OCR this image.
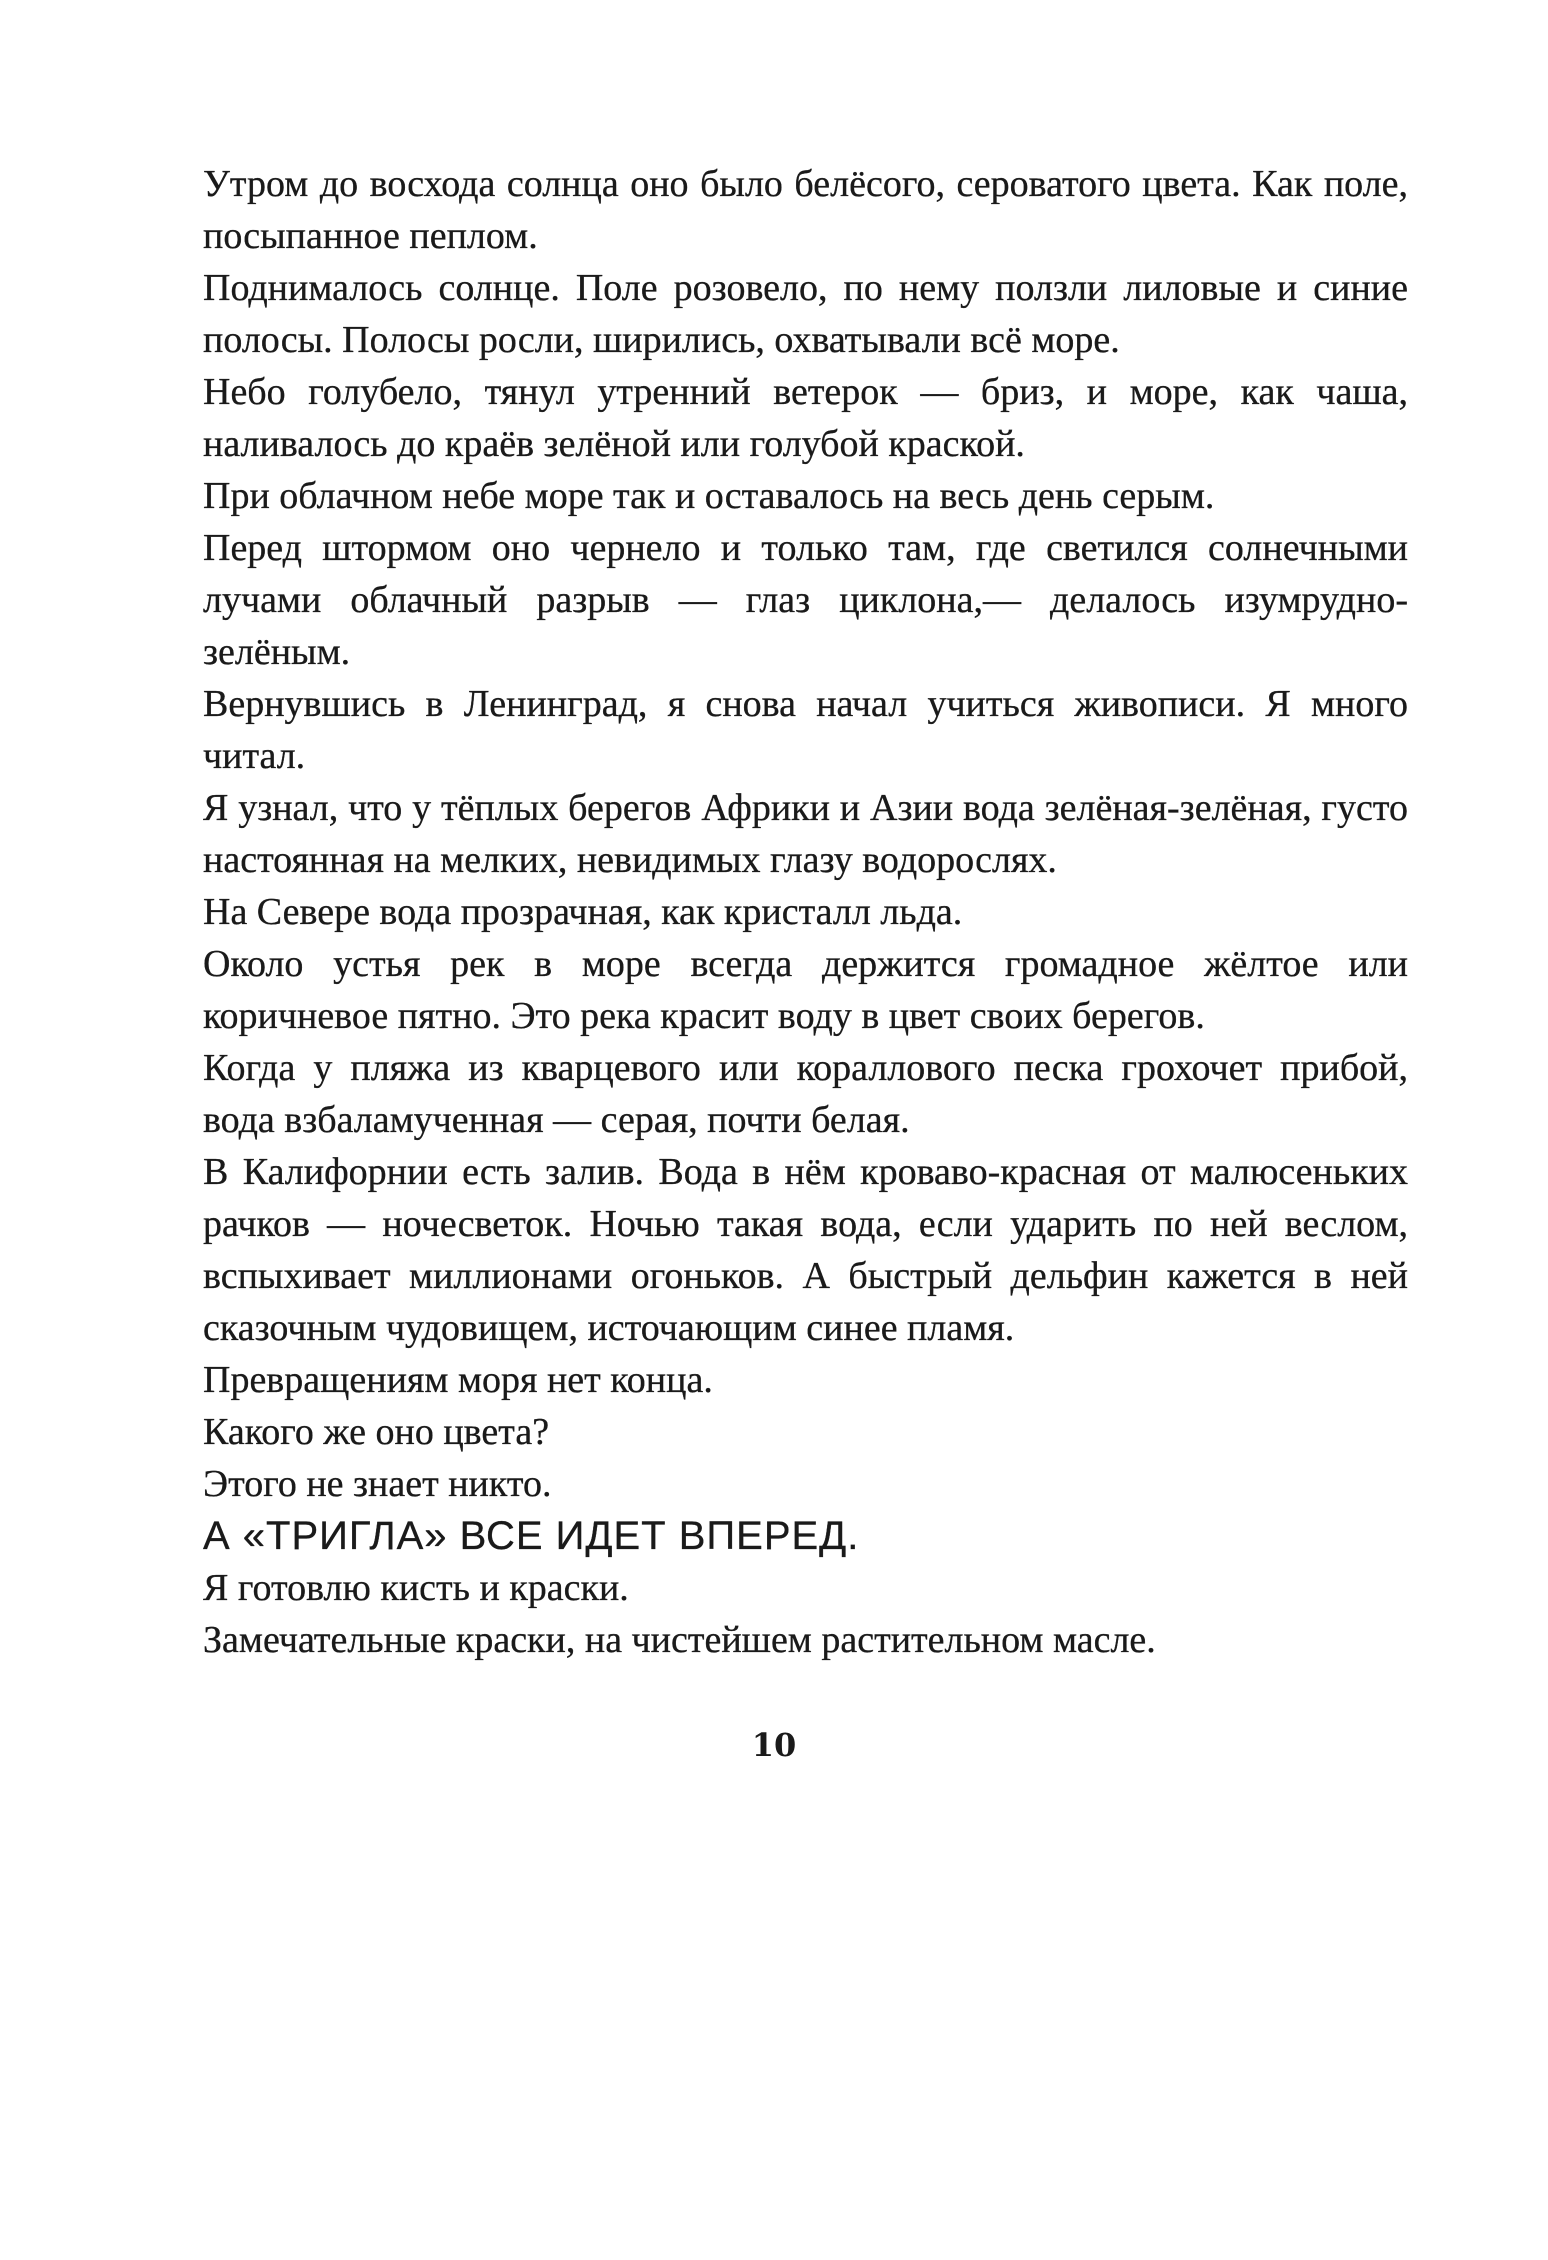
Утром до восхода солнца оно было белёсого, сероватого цвета. Как поле, посыпанное пеплом.

Поднималось солнце. Поле розовело, по нему ползли лиловые и синие полосы. Полосы росли, ширились, охватывали всё море.

Небо голубело, тянул утренний ветерок — бриз, и море, как чаша, наливалось до краёв зелёной или голубой краской.

При облачном небе море так и оставалось на весь день серым.

Перед штормом оно чернело и только там, где светился солнечными лучами облачный разрыв — глаз циклона,— делалось изумрудно-зелёным.

Вернувшись в Ленинград, я снова начал учиться живописи. Я много читал.

Я узнал, что у тёплых берегов Африки и Азии вода зелёная-зелёная, густо настоянная на мелких, невидимых глазу водорослях.

На Севере вода прозрачная, как кристалл льда.

Около устья рек в море всегда держится громадное жёлтое или коричневое пятно. Это река красит воду в цвет своих берегов.

Когда у пляжа из кварцевого или кораллового песка грохочет прибой, вода взбаламученная — серая, почти белая.

В Калифорнии есть залив. Вода в нём кроваво-красная от малюсеньких рачков — ночесветок. Ночью такая вода, если ударить по ней веслом, вспыхивает миллионами огоньков. А быстрый дельфин кажется в ней сказочным чудовищем, источающим синее пламя.

Превращениям моря нет конца.

Какого же оно цвета?

Этого не знает никто.

А «ТРИГЛА» ВСЕ ИДЕТ ВПЕРЕД.

Я готовлю кисть и краски.

Замечательные краски, на чистейшем растительном масле.

10
